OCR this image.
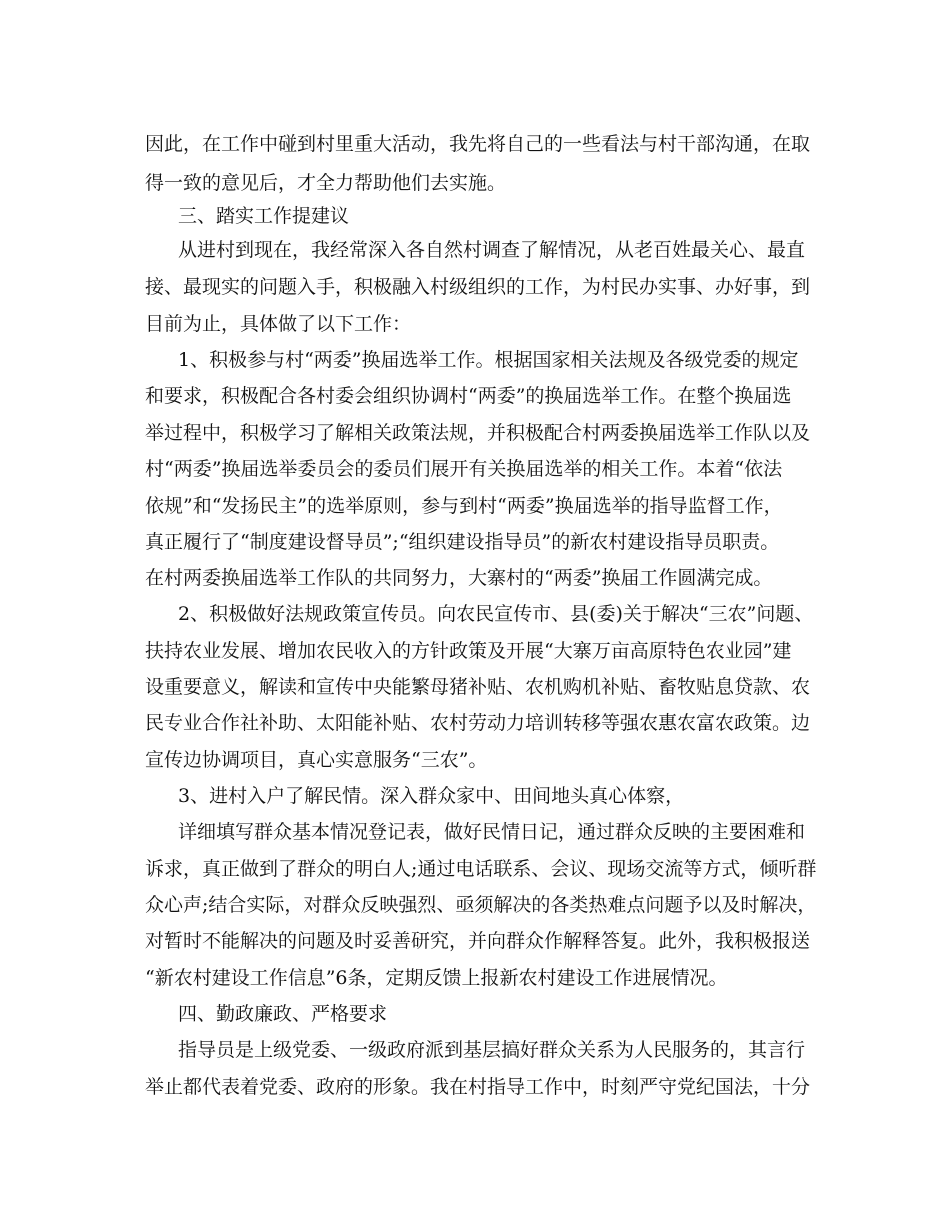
因此，在工作中碰到村里重大活动，我先将自己的一些看法与村干部沟通，在取
得一致的意见后，才全力帮助他们去实施。
三、踏实工作提建议
从进村到现在，我经常深入各自然村调查了解情况，从老百姓最关心、最直
接、最现实的问题入手，积极融入村级组织的工作，为村民办实事、办好事，到
目前为止，具体做了以下工作：
1、积极参与村“两委”换届选举工作。根据国家相关法规及各级党委的规定
和要求，积极配合各村委会组织协调村“两委”的换届选举工作。在整个换届选
举过程中，积极学习了解相关政策法规，并积极配合村两委换届选举工作队以及
村“两委”换届选举委员会的委员们展开有关换届选举的相关工作。本着“依法
依规”和“发扬民主”的选举原则，参与到村“两委”换届选举的指导监督工作，
真正履行了“制度建设督导员”;“组织建设指导员”的新农村建设指导员职责。
在村两委换届选举工作队的共同努力，大寨村的“两委”换届工作圆满完成。
2、积极做好法规政策宣传员。向农民宣传市、县(委)关于解决“三农”问题、
扶持农业发展、增加农民收入的方针政策及开展“大寨万亩高原特色农业园”建
设重要意义，解读和宣传中央能繁母猪补贴、农机购机补贴、畜牧贴息贷款、农
民专业合作社补助、太阳能补贴、农村劳动力培训转移等强农惠农富农政策。边
宣传边协调项目，真心实意服务“三农”。
3、进村入户了解民情。深入群众家中、田间地头真心体察，
详细填写群众基本情况登记表，做好民情日记，通过群众反映的主要困难和
诉求，真正做到了群众的明白人;通过电话联系、会议、现场交流等方式，倾听群
众心声;结合实际，对群众反映强烈、亟须解决的各类热难点问题予以及时解决，
对暂时不能解决的问题及时妥善研究，并向群众作解释答复。此外，我积极报送
“新农村建设工作信息”6条，定期反馈上报新农村建设工作进展情况。
四、勤政廉政、严格要求
指导员是上级党委、一级政府派到基层搞好群众关系为人民服务的，其言行
举止都代表着党委、政府的形象。我在村指导工作中，时刻严守党纪国法，十分
